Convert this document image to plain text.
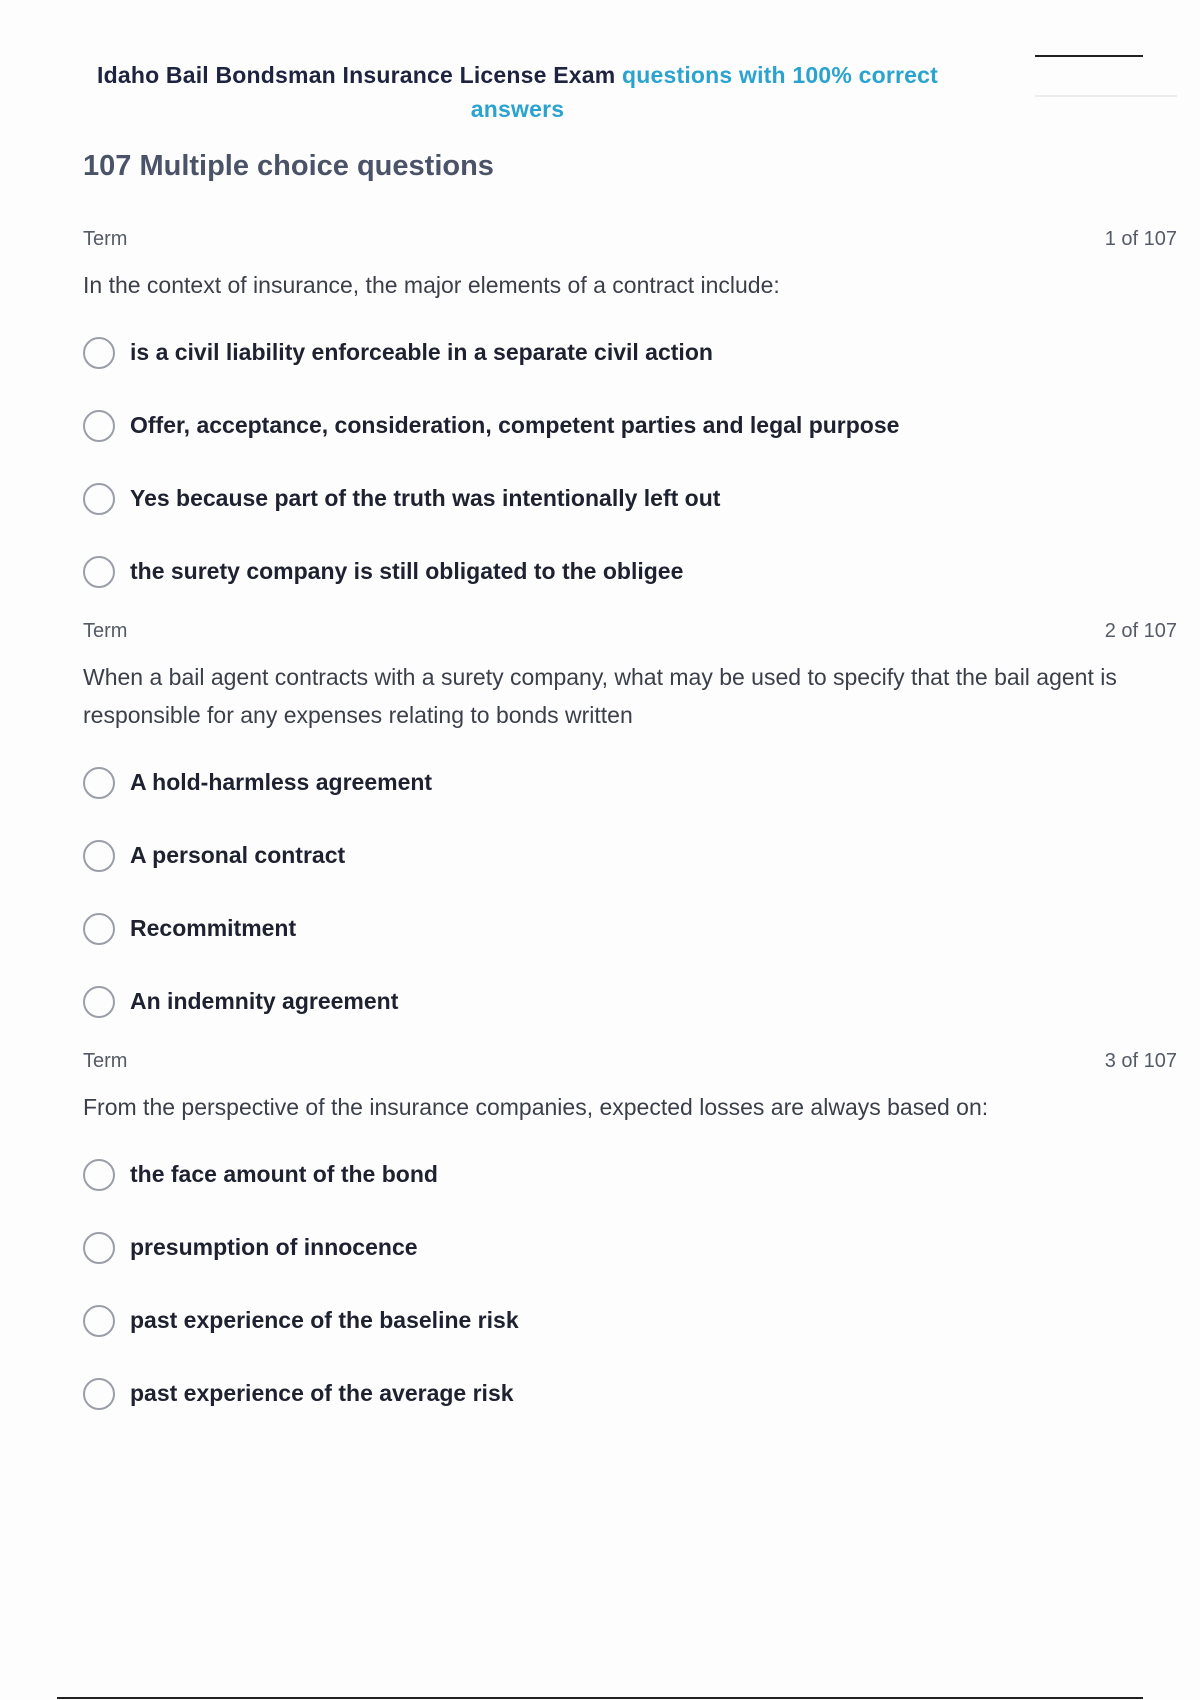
Idaho Bail Bondsman Insurance License Exam questions with 100% correct answers
107 Multiple choice questions
Term	1 of 107
In the context of insurance, the major elements of a contract include:
is a civil liability enforceable in a separate civil action
Offer, acceptance, consideration, competent parties and legal purpose
Yes because part of the truth was intentionally left out
the surety company is still obligated to the obligee
Term	2 of 107
When a bail agent contracts with a surety company, what may be used to specify that the bail agent is responsible for any expenses relating to bonds written
A hold-harmless agreement
A personal contract
Recommitment
An indemnity agreement
Term	3 of 107
From the perspective of the insurance companies, expected losses are always based on:
the face amount of the bond
presumption of innocence
past experience of the baseline risk
past experience of the average risk
